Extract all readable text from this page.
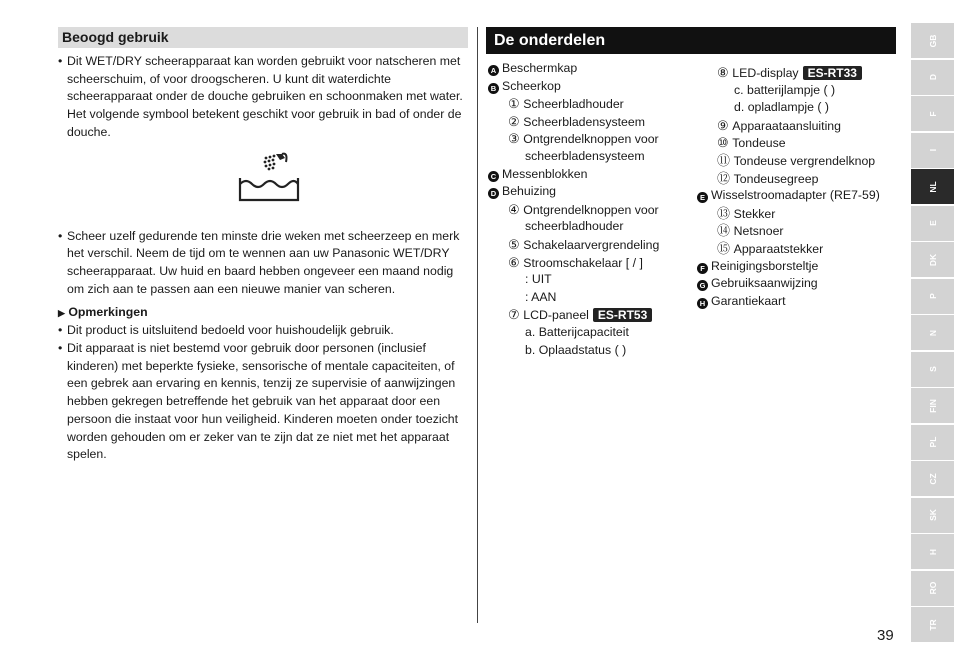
Beoogd gebruik
• Dit WET/DRY scheerapparaat kan worden gebruikt voor natscheren met scheerschuim, of voor droogscheren. U kunt dit waterdichte scheerapparaat onder de douche gebruiken en schoonmaken met water. Het volgende symbool betekent geschikt voor gebruik in bad of onder de douche.
• Scheer uzelf gedurende ten minste drie weken met scheerzeep en merk het verschil. Neem de tijd om te wennen aan uw Panasonic WET/DRY scheerapparaat. Uw huid en baard hebben ongeveer een maand nodig om zich aan te passen aan een nieuwe manier van scheren.
▶ Opmerkingen
• Dit product is uitsluitend bedoeld voor huishoudelijk gebruik.
• Dit apparaat is niet bestemd voor gebruik door personen (inclusief kinderen) met beperkte fysieke, sensorische of mentale capaciteiten, of een gebrek aan ervaring en kennis, tenzij ze supervisie of aanwijzingen hebben gekregen betreffende het gebruik van het apparaat door een persoon die instaat voor hun veiligheid. Kinderen moeten onder toezicht worden gehouden om er zeker van te zijn dat ze niet met het apparaat spelen.
De onderdelen
A Beschermkap
B Scheerkop
① Scheerbladhouder
② Scheerbladensysteem
③ Ontgrendelknoppen voor
scheerbladensysteem
C Messenblokken
D Behuizing
④ Ontgrendelknoppen voor
scheerbladhouder
⑤ Schakelaarvergrendeling
⑥ Stroomschakelaar [ / ]
: UIT
: AAN
⑦ LCD-paneel ES-RT53
a. Batterijcapaciteit
b. Oplaadstatus ( )
⑧ LED-display ES-RT33
c. batterijlampje ( )
d. opladlampje ( )
⑨ Apparaataansluiting
⑩ Tondeuse
⑪ Tondeuse vergrendelknop
⑫ Tondeusegreep
E Wisselstroomadapter (RE7-59)
⑬ Stekker
⑭ Netsnoer
⑮ Apparaatstekker
F Reinigingsborsteltje
G Gebruiksaanwijzing
H Garantiekaart
GB
D
F
I
NL
E
DK
P
N
S
FIN
PL
CZ
SK
H
RO
TR
39
